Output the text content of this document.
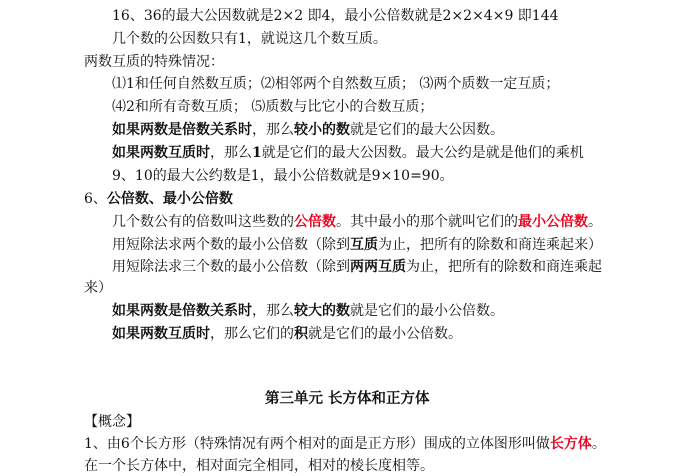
16、36的最大公因数就是2×2 即4，最小公倍数就是2×2×4×9 即144
几个数的公因数只有1，就说这几个数互质。
两数互质的特殊情况：
⑴1和任何自然数互质；⑵相邻两个自然数互质； ⑶两个质数一定互质；
⑷2和所有奇数互质； ⑸质数与比它小的合数互质；
如果两数是倍数关系时，那么较小的数就是它们的最大公因数。
如果两数互质时，那么1就是它们的最大公因数。最大公约是就是他们的乘机
9、10的最大公约数是1，最小公倍数就是9×10=90。
6、公倍数、最小公倍数
几个数公有的倍数叫这些数的公倍数。其中最小的那个就叫它们的最小公倍数。
用短除法求两个数的最小公倍数（除到互质为止，把所有的除数和商连乘起来）
用短除法求三个数的最小公倍数（除到两两互质为止，把所有的除数和商连乘起
来）
如果两数是倍数关系时，那么较大的数就是它们的最小公倍数。
如果两数互质时，那么它们的积就是它们的最小公倍数。
第三单元 长方体和正方体
【概念】
1、由6个长方形（特殊情况有两个相对的面是正方形）围成的立体图形叫做长方体。
在一个长方体中，相对面完全相同，相对的棱长度相等。
